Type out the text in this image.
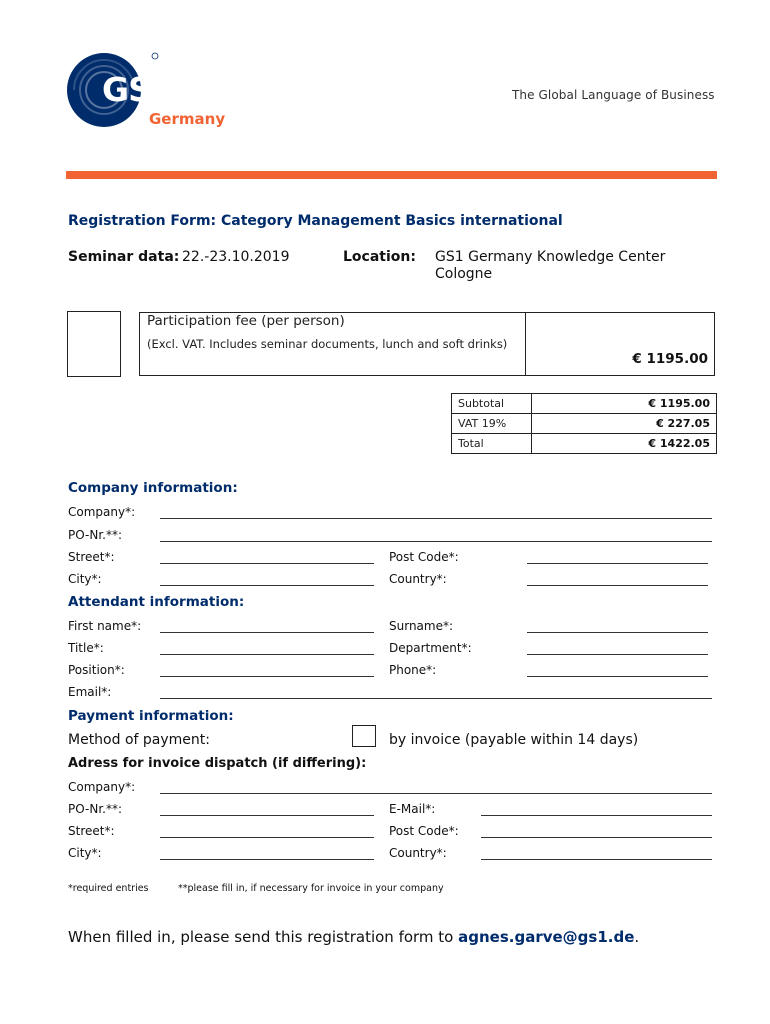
GS1
Germany
The Global Language of Business
Registration Form: Category Management Basics international
Seminar data: 22.-23.10.2019	Location: GS1 Germany Knowledge Center
Cologne
Participation fee (per person)
(Excl. VAT. Includes seminar documents, lunch and soft drinks)
€ 1195.00
Subtotal	€ 1195.00
VAT 19%	€ 227.05
Total	€ 1422.05
Company information:
Company*:
PO-Nr.**:
Street*:	Post Code*:
City*:	Country*:
Attendant information:
First name*:	Surname*:
Title*:	Department*:
Position*:	Phone*:
Email*:
Payment information:
Method of payment:	by invoice (payable within 14 days)
Adress for invoice dispatch (if differing):
Company*:
PO-Nr.**:	E-Mail*:
Street*:	Post Code*:
City*:	Country*:
*required entries	**please fill in, if necessary for invoice in your company
When filled in, please send this registration form to agnes.garve@gs1.de.
